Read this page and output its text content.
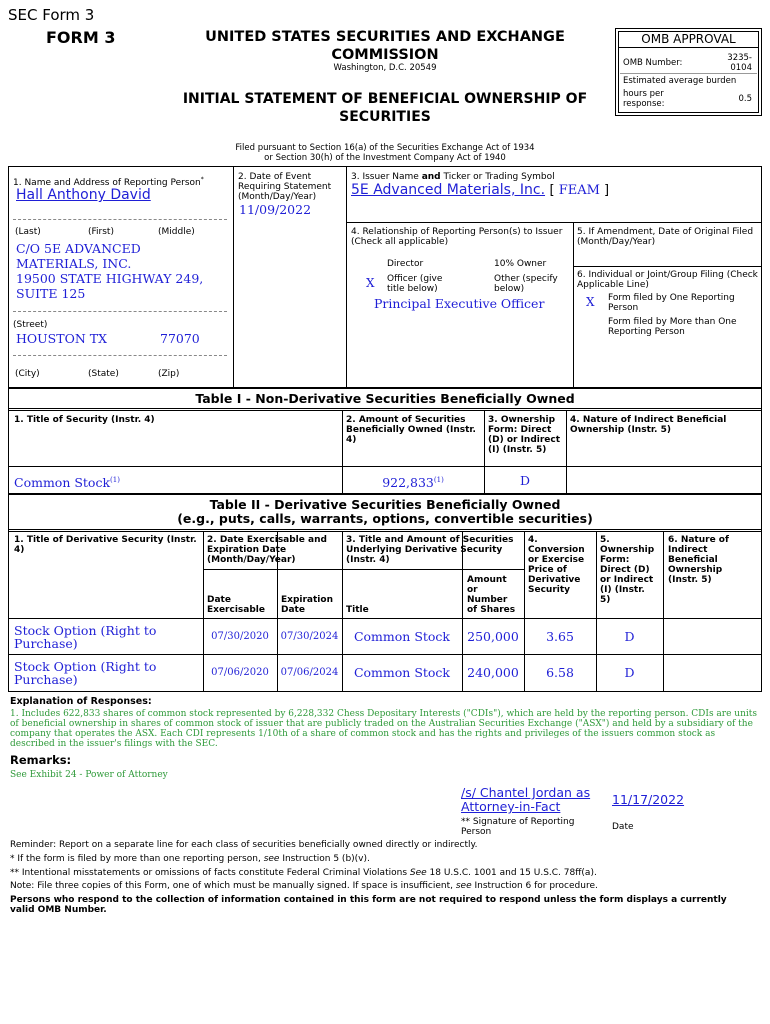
SEC Form 3
FORM 3	UNITED STATES SECURITIES AND EXCHANGE COMMISSION
Washington, D.C. 20549
INITIAL STATEMENT OF BENEFICIAL OWNERSHIP OF SECURITIES
OMB APPROVAL
OMB Number:	3235-
0104
Estimated average burden
hours per
response:	0.5
Filed pursuant to Section 16(a) of the Securities Exchange Act of 1934
or Section 30(h) of the Investment Company Act of 1940
1. Name and Address of Reporting Person*
Hall Anthony David
(Last)	(First)	(Middle)
C/O 5E ADVANCED
MATERIALS, INC.
19500 STATE HIGHWAY 249,
SUITE 125
(Street)
HOUSTON TX	77070
(City)	(State)	(Zip)
2. Date of Event Requiring Statement (Month/Day/Year)
11/09/2022
3. Issuer Name and Ticker or Trading Symbol
5E Advanced Materials, Inc. [ FEAM ]
4. Relationship of Reporting Person(s) to Issuer
(Check all applicable)
Director	10% Owner
X Officer (give
title below)
Other (specify
below)
Principal Executive Officer
5. If Amendment, Date of Original Filed (Month/Day/Year)
6. Individual or Joint/Group Filing (Check Applicable Line)
X Form filed by One Reporting
Person
Form filed by More than One
Reporting Person
Table I - Non-Derivative Securities Beneficially Owned
1. Title of Security (Instr. 4)	2. Amount of Securities Beneficially Owned (Instr. 4)
3. Ownership Form: Direct (D) or Indirect (I) (Instr. 5)
4. Nature of Indirect Beneficial Ownership (Instr. 5)
Common Stock$^{(1)}$	922,833$^{(1)}$	D
Table II - Derivative Securities Beneficially Owned
(e.g., puts, calls, warrants, options, convertible securities)
1. Title of Derivative Security (Instr. 4)
2. Date Exercisable and Expiration Date (Month/Day/Year)
Date
Exercisable
Expiration
Date
3. Title and Amount of Securities Underlying Derivative Security (Instr. 4)
Title
Amount
or
Number
of Shares
4.
Conversion
or Exercise
Price of
Derivative
Security
5.
Ownership
Form:
Direct (D)
or Indirect
(I) (Instr.
5)
6. Nature of
Indirect
Beneficial
Ownership
(Instr. 5)
Stock Option (Right to
Purchase)	07/30/2020	07/30/2024	Common Stock	250,000	3.65	D
Stock Option (Right to
Purchase)	07/06/2020	07/06/2024	Common Stock	240,000	6.58	D
Explanation of Responses:
1. Includes 622,833 shares of common stock represented by 6,228,332 Chess Depositary Interests ("CDIs"), which are held by the reporting person. CDIs are units of beneficial ownership in shares of common stock of issuer that are publicly traded on the Australian Securities Exchange ("ASX") and held by a subsidiary of the company that operates the ASX. Each CDI represents 1/10th of a share of common stock and has the rights and privileges of the issuers common stock as described in the issuer's filings with the SEC.
Remarks:
See Exhibit 24 - Power of Attorney
/s/ Chantel Jordan as
Attorney-in-Fact	11/17/2022
** Signature of Reporting
Person	Date
Reminder: Report on a separate line for each class of securities beneficially owned directly or indirectly.
* If the form is filed by more than one reporting person, see Instruction 5 (b)(v).
** Intentional misstatements or omissions of facts constitute Federal Criminal Violations See 18 U.S.C. 1001 and 15 U.S.C. 78ff(a).
Note: File three copies of this Form, one of which must be manually signed. If space is insufficient, see Instruction 6 for procedure.
Persons who respond to the collection of information contained in this form are not required to respond unless the form displays a currently valid OMB Number.
